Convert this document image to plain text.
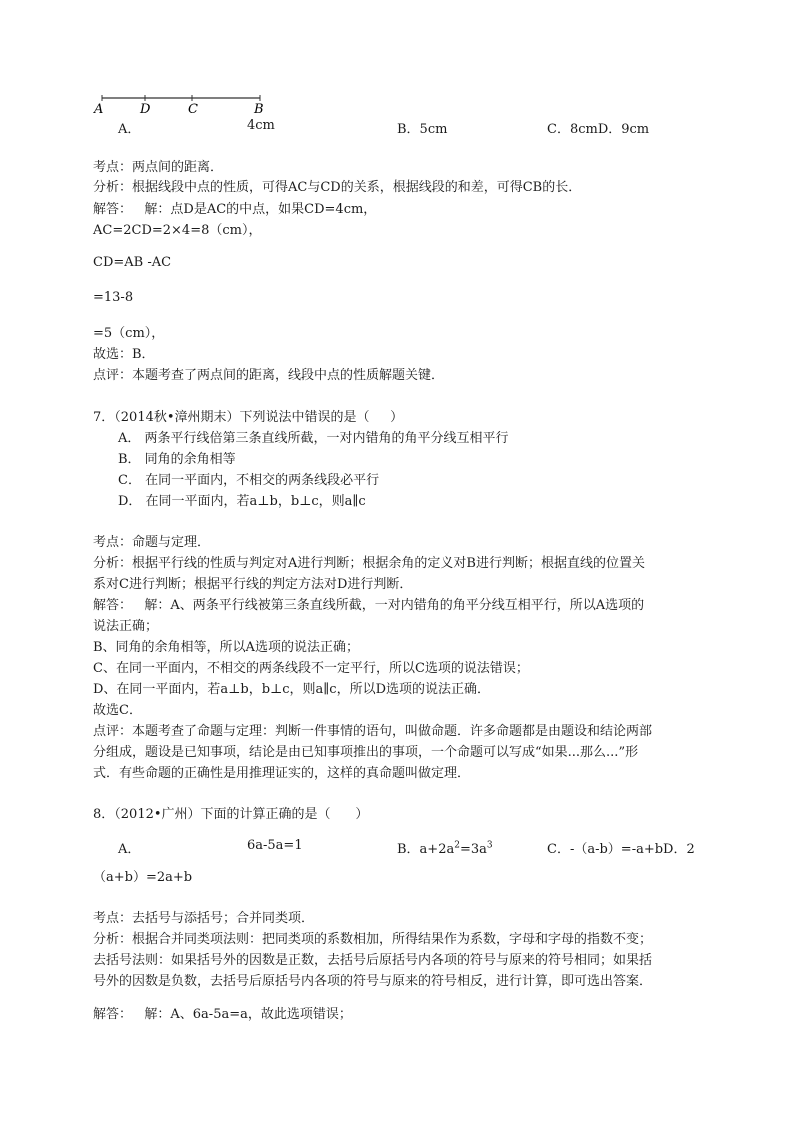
A	D	C	B
A．	4cm	B．5cm	C．8cmD．9cm
考点：两点间的距离．
分析：根据线段中点的性质，可得AC与CD的关系，根据线段的和差，可得CB的长．
解答：   解：点D是AC的中点，如果CD=4cm，
AC=2CD=2×4=8（cm），
CD=AB -AC
=13-8
=5（cm），
故选：B．
点评：本题考查了两点间的距离，线段中点的性质解题关键．
7．（2014秋•漳州期末）下列说法中错误的是（     ）
A． 两条平行线倍第三条直线所截，一对内错角的角平分线互相平行
B． 同角的余角相等
C． 在同一平面内，不相交的两条线段必平行
D． 在同一平面内，若a⊥b，b⊥c，则a∥c
考点：命题与定理．
分析：根据平行线的性质与判定对A进行判断；根据余角的定义对B进行判断；根据直线的位置关
系对C进行判断；根据平行线的判定方法对D进行判断．
解答：   解：A、两条平行线被第三条直线所截，一对内错角的角平分线互相平行，所以A选项的
说法正确；
B、同角的余角相等，所以A选项的说法正确；
C、在同一平面内，不相交的两条线段不一定平行，所以C选项的说法错误；
D、在同一平面内，若a⊥b，b⊥c，则a∥c，所以D选项的说法正确．
故选C．
点评：本题考查了命题与定理：判断一件事情的语句，叫做命题．许多命题都是由题设和结论两部
分组成，题设是已知事项，结论是由已知事项推出的事项，一个命题可以写成“如果...那么...”形
式．有些命题的正确性是用推理证实的，这样的真命题叫做定理．
8．（2012•广州）下面的计算正确的是（      ）
A．	6a-5a=1	B．$a+2a^2=3a^3$	C．-（a-b）=-a+bD．2
（a+b）=2a+b
考点：去括号与添括号；合并同类项．
分析：根据合并同类项法则：把同类项的系数相加，所得结果作为系数，字母和字母的指数不变；
去括号法则：如果括号外的因数是正数，去括号后原括号内各项的符号与原来的符号相同；如果括
号外的因数是负数，去括号后原括号内各项的符号与原来的符号相反，进行计算，即可选出答案．
解答：   解：A、6a-5a=a，故此选项错误；
